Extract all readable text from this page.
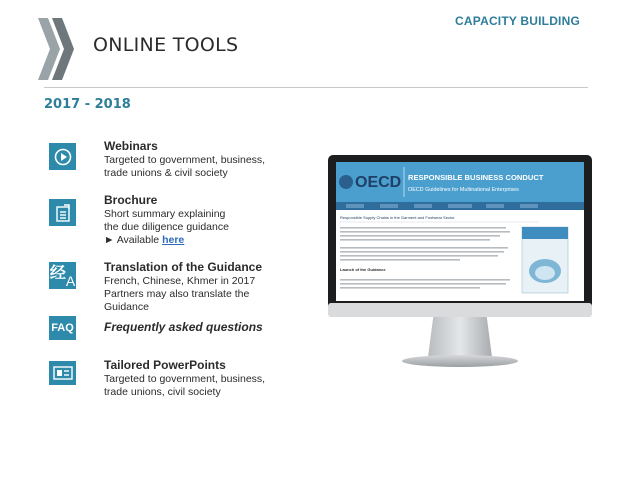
CAPACITY BUILDING
ONLINE TOOLS
2017 - 2018
Webinars
Targeted to government, business,
trade unions & civil society
Brochure
Short summary explaining
the due diligence guidance
► Available here
经 A
Translation of the Guidance
French, Chinese, Khmer in 2017
Partners may also translate the
Guidance
FAQ	Frequently asked questions
Tailored PowerPoints
Targeted to government, business,
trade unions, civil society
OECD RESPONSIBLE BUSINESS CONDUCT
OECD Guidelines for Multinational Enterprises
Responsible Supply Chains in the Garment and Footwear Sector
Launch of the Guidance
